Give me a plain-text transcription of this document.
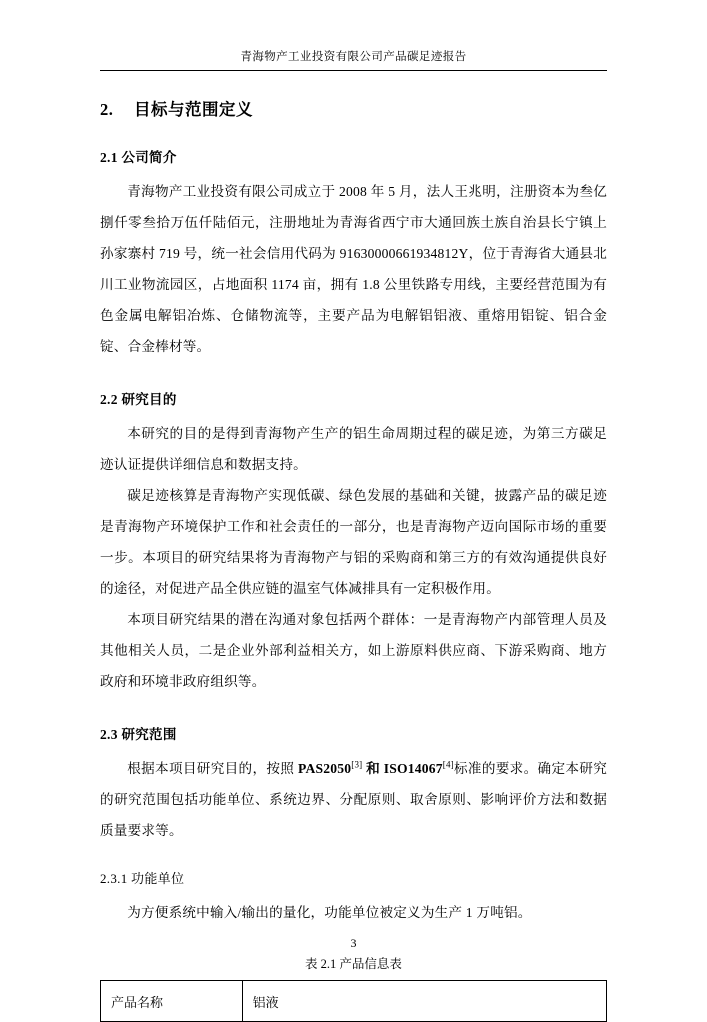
青海物产工业投资有限公司产品碳足迹报告
2. 目标与范围定义
2.1 公司简介

青海物产工业投资有限公司成立于 2008 年 5 月，法人王兆明，注册资本为叁亿捌仟零叁拾万伍仟陆佰元，注册地址为青海省西宁市大通回族土族自治县长宁镇上孙家寨村 719 号，统一社会信用代码为 91630000661934812Y，位于青海省大通县北川工业物流园区，占地面积 1174 亩，拥有 1.8 公里铁路专用线，主要经营范围为有色金属电解铝冶炼、仓储物流等，主要产品为电解铝铝液、重熔用铝锭、铝合金锭、合金棒材等。

2.2 研究目的

本研究的目的是得到青海物产生产的铝生命周期过程的碳足迹，为第三方碳足迹认证提供详细信息和数据支持。

碳足迹核算是青海物产实现低碳、绿色发展的基础和关键，披露产品的碳足迹是青海物产环境保护工作和社会责任的一部分，也是青海物产迈向国际市场的重要一步。本项目的研究结果将为青海物产与铝的采购商和第三方的有效沟通提供良好的途径，对促进产品全供应链的温室气体减排具有一定积极作用。

本项目研究结果的潜在沟通对象包括两个群体：一是青海物产内部管理人员及其他相关人员，二是企业外部利益相关方，如上游原料供应商、下游采购商、地方政府和环境非政府组织等。

2.3 研究范围

根据本项目研究目的，按照 PAS2050[3] 和 ISO14067[4]标准的要求。确定本研究的研究范围包括功能单位、系统边界、分配原则、取舍原则、影响评价方法和数据质量要求等。

2.3.1 功能单位

为方便系统中输入/输出的量化，功能单位被定义为生产 1 万吨铝。

表 2.1 产品信息表
产品名称	铝液
3
